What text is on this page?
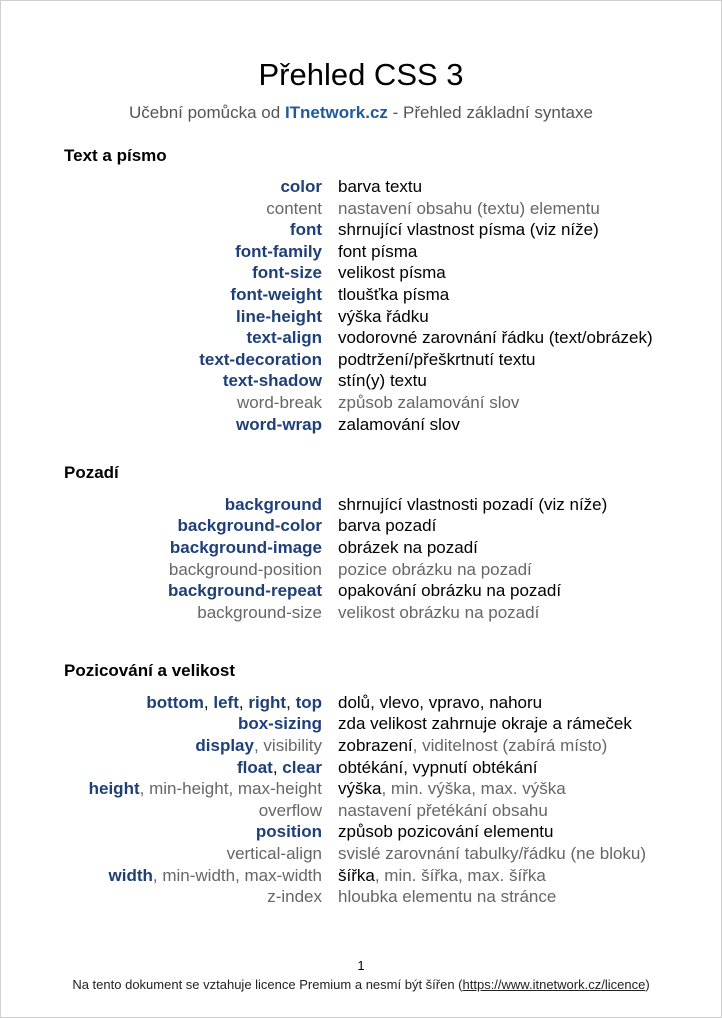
Přehled CSS 3
Učební pomůcka od ITnetwork.cz - Přehled základní syntaxe
Text a písmo
color barva textu
content nastavení obsahu (textu) elementu
font shrnující vlastnost písma (viz níže)
font-family font písma
font-size velikost písma
font-weight tloušťka písma
line-height výška řádku
text-align vodorovné zarovnání řádku (text/obrázek)
text-decoration podtržení/přeškrtnutí textu
text-shadow stín(y) textu
word-break způsob zalamování slov
word-wrap zalamování slov
Pozadí
background shrnující vlastnosti pozadí (viz níže)
background-color barva pozadí
background-image obrázek na pozadí
background-position pozice obrázku na pozadí
background-repeat opakování obrázku na pozadí
background-size velikost obrázku na pozadí
Pozicování a velikost
bottom, left, right, top dolů, vlevo, vpravo, nahoru
box-sizing zda velikost zahrnuje okraje a rámeček
display, visibility zobrazení, viditelnost (zabírá místo)
float, clear obtékání, vypnutí obtékání
height, min-height, max-height výška, min. výška, max. výška
overflow nastavení přetékání obsahu
position způsob pozicování elementu
vertical-align svislé zarovnání tabulky/řádku (ne bloku)
width, min-width, max-width šířka, min. šířka, max. šířka
z-index hloubka elementu na stránce
1
Na tento dokument se vztahuje licence Premium a nesmí být šířen (https://www.itnetwork.cz/licence)
